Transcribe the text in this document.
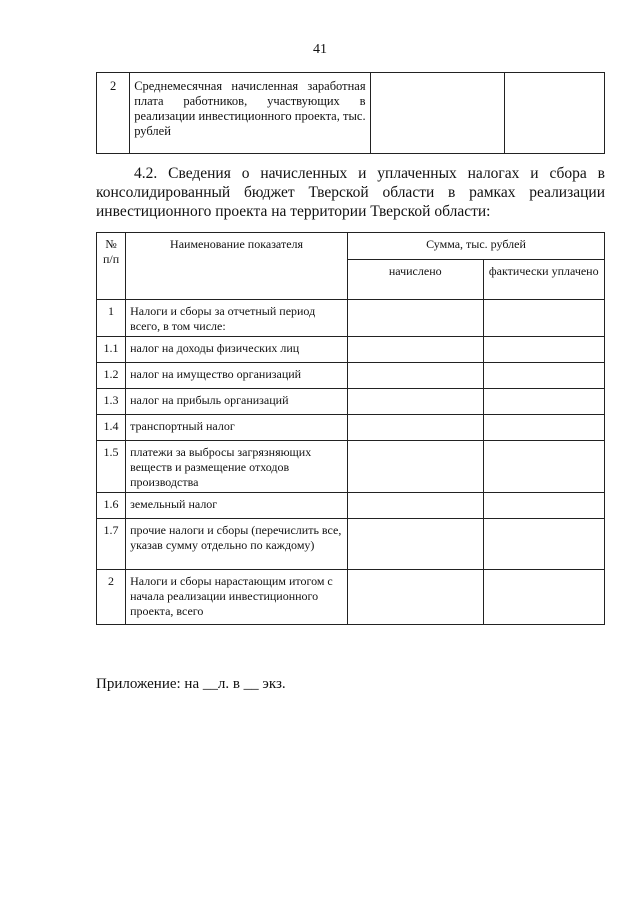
41
2	Среднемесячная начисленная заработная плата работников, участвующих в реализации инвестиционного проекта, тыс. рублей		
4.2. Сведения о начисленных и уплаченных налогах и сбора в консолидированный бюджет Тверской области в рамках реализации инвестиционного проекта на территории Тверской области:
№ п/п	Наименование показателя	Сумма, тыс. рублей	
		начислено	фактически уплачено
1	Налоги и сборы за отчетный период всего, в том числе:		
1.1	налог на доходы физических лиц		
1.2	налог на имущество организаций		
1.3	налог на прибыль организаций		
1.4	транспортный налог		
1.5	платежи за выбросы загрязняющих веществ и размещение отходов производства		
1.6	земельный налог		
1.7	прочие налоги и сборы (перечислить все, указав сумму отдельно по каждому)		
2	Налоги и сборы нарастающим итогом с начала реализации инвестиционного проекта, всего		
Приложение: на __л. в __ экз.
